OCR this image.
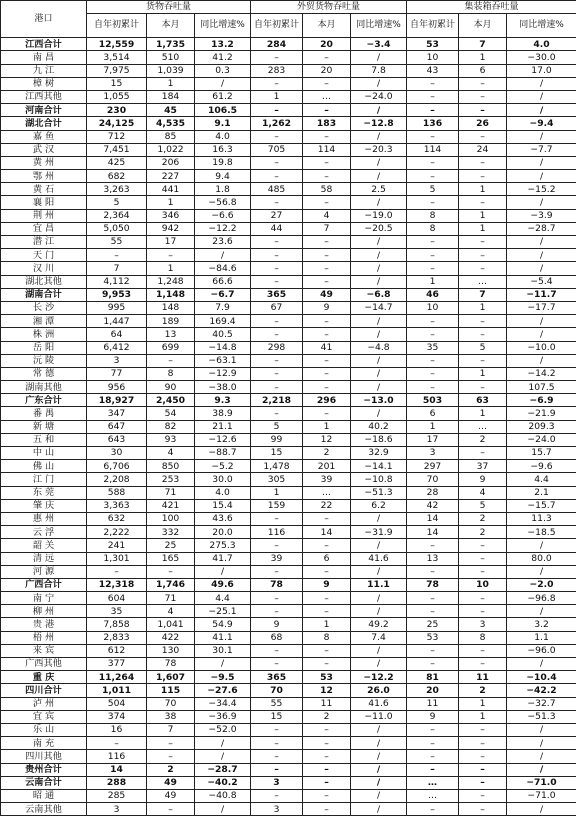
港口	货物吞吐量			外贸货物吞吐量			集装箱吞吐量		
	自年初累计	本月	同比增速%	自年初累计	本月	同比增速%	自年初累计	本月	同比增速%
江西合计	12,559	1,735	13.2	284	20	−3.4	53	7	4.0
南 昌	3,514	510	41.2	–	–	/	10	1	−30.0
九 江	7,975	1,039	0.3	283	20	7.8	43	6	17.0
樟 树	15	1	/	–	–	/	–	–	/
江西其他	1,055	184	61.2	1	…	−24.0	–	–	/
河南合计	230	45	106.5	–	–	/	–	–	/
湖北合计	24,125	4,535	9.1	1,262	183	−12.8	136	26	−9.4
嘉 鱼	712	85	4.0	–	–	/	–	–	/
武 汉	7,451	1,022	16.3	705	114	−20.3	114	24	−7.7
黄 州	425	206	19.8	–	–	/	–	–	/
鄂 州	682	227	9.4	–	–	/	–	–	/
黄 石	3,263	441	1.8	485	58	2.5	5	1	−15.2
襄 阳	5	1	−56.8	–	–	/	–	–	/
荆 州	2,364	346	−6.6	27	4	−19.0	8	1	−3.9
宜 昌	5,050	942	−12.2	44	7	−20.5	8	1	−28.7
潜 江	55	17	23.6	–	–	/	–	–	/
天 门	–	–	/	–	–	/	–	–	/
汉 川	7	1	−84.6	–	–	/	–	–	/
湖北其他	4,112	1,248	66.6	–	–	/	1	…	−5.4
湖南合计	9,953	1,148	−6.7	365	49	−6.8	46	7	−11.7
长 沙	995	148	7.9	67	9	−14.7	10	1	−17.7
湘 潭	1,447	189	169.4	–	–	/	–	–	/
株 洲	64	13	40.5	–	–	/	–	–	/
岳 阳	6,412	699	−14.8	298	41	−4.8	35	5	−10.0
沅 陵	3	–	−63.1	–	–	/	–	–	/
常 德	77	8	−12.9	–	–	/	–	1	−14.2
湖南其他	956	90	−38.0	–	–	/	–	–	107.5
广东合计	18,927	2,450	9.3	2,218	296	−13.0	503	63	−6.9
番 禺	347	54	38.9	–	–	/	6	1	−21.9
新 塘	647	82	21.1	5	1	40.2	1	…	209.3
五 和	643	93	−12.6	99	12	−18.6	17	2	−24.0
中 山	30	4	−88.7	15	2	32.9	3	–	15.7
佛 山	6,706	850	−5.2	1,478	201	−14.1	297	37	−9.6
江 门	2,208	253	30.0	305	39	−10.8	70	9	4.4
东 莞	588	71	4.0	1	…	−51.3	28	4	2.1
肇 庆	3,363	421	15.4	159	22	6.2	42	5	−15.7
惠 州	632	100	43.6	–	–	/	14	2	11.3
云 浮	2,222	332	20.0	116	14	−31.9	14	2	−18.5
韶 关	241	25	275.3	–	–	/	–	–	/
清 远	1,301	165	41.7	39	6	41.6	13	–	80.0
河 源	–	–	/	–	–	/	–	–	/
广西合计	12,318	1,746	49.6	78	9	11.1	78	10	−2.0
南 宁	604	71	4.4	–	–	/	–	–	−96.8
柳 州	35	4	−25.1	–	–	/	–	–	/
贵 港	7,858	1,041	54.9	9	1	49.2	25	3	3.2
梧 州	2,833	422	41.1	68	8	7.4	53	8	1.1
来 宾	612	130	30.1	–	–	/	–	–	−96.0
广西其他	377	78	/	–	–	/	–	–	/
重 庆	11,264	1,607	−9.5	365	53	−12.2	81	11	−10.4
四川合计	1,011	115	−27.6	70	12	26.0	20	2	−42.2
泸 州	504	70	−34.4	55	11	41.6	11	1	−32.7
宜 宾	374	38	−36.9	15	2	−11.0	9	1	−51.3
乐 山	16	7	−52.0	–	–	/	–	–	/
南 充	–	–	/	–	–	/	–	–	/
四川其他	116	–	/	–	–	/	–	–	/
贵州合计	14	2	−28.7	–	–	/	–	–	/
云南合计	288	49	−40.2	3	–	/	…	–	−71.0
昭 通	285	49	−40.8	–	–	/	…	–	−71.0
云南其他	3	–	/	3	–	/	–	–	/
